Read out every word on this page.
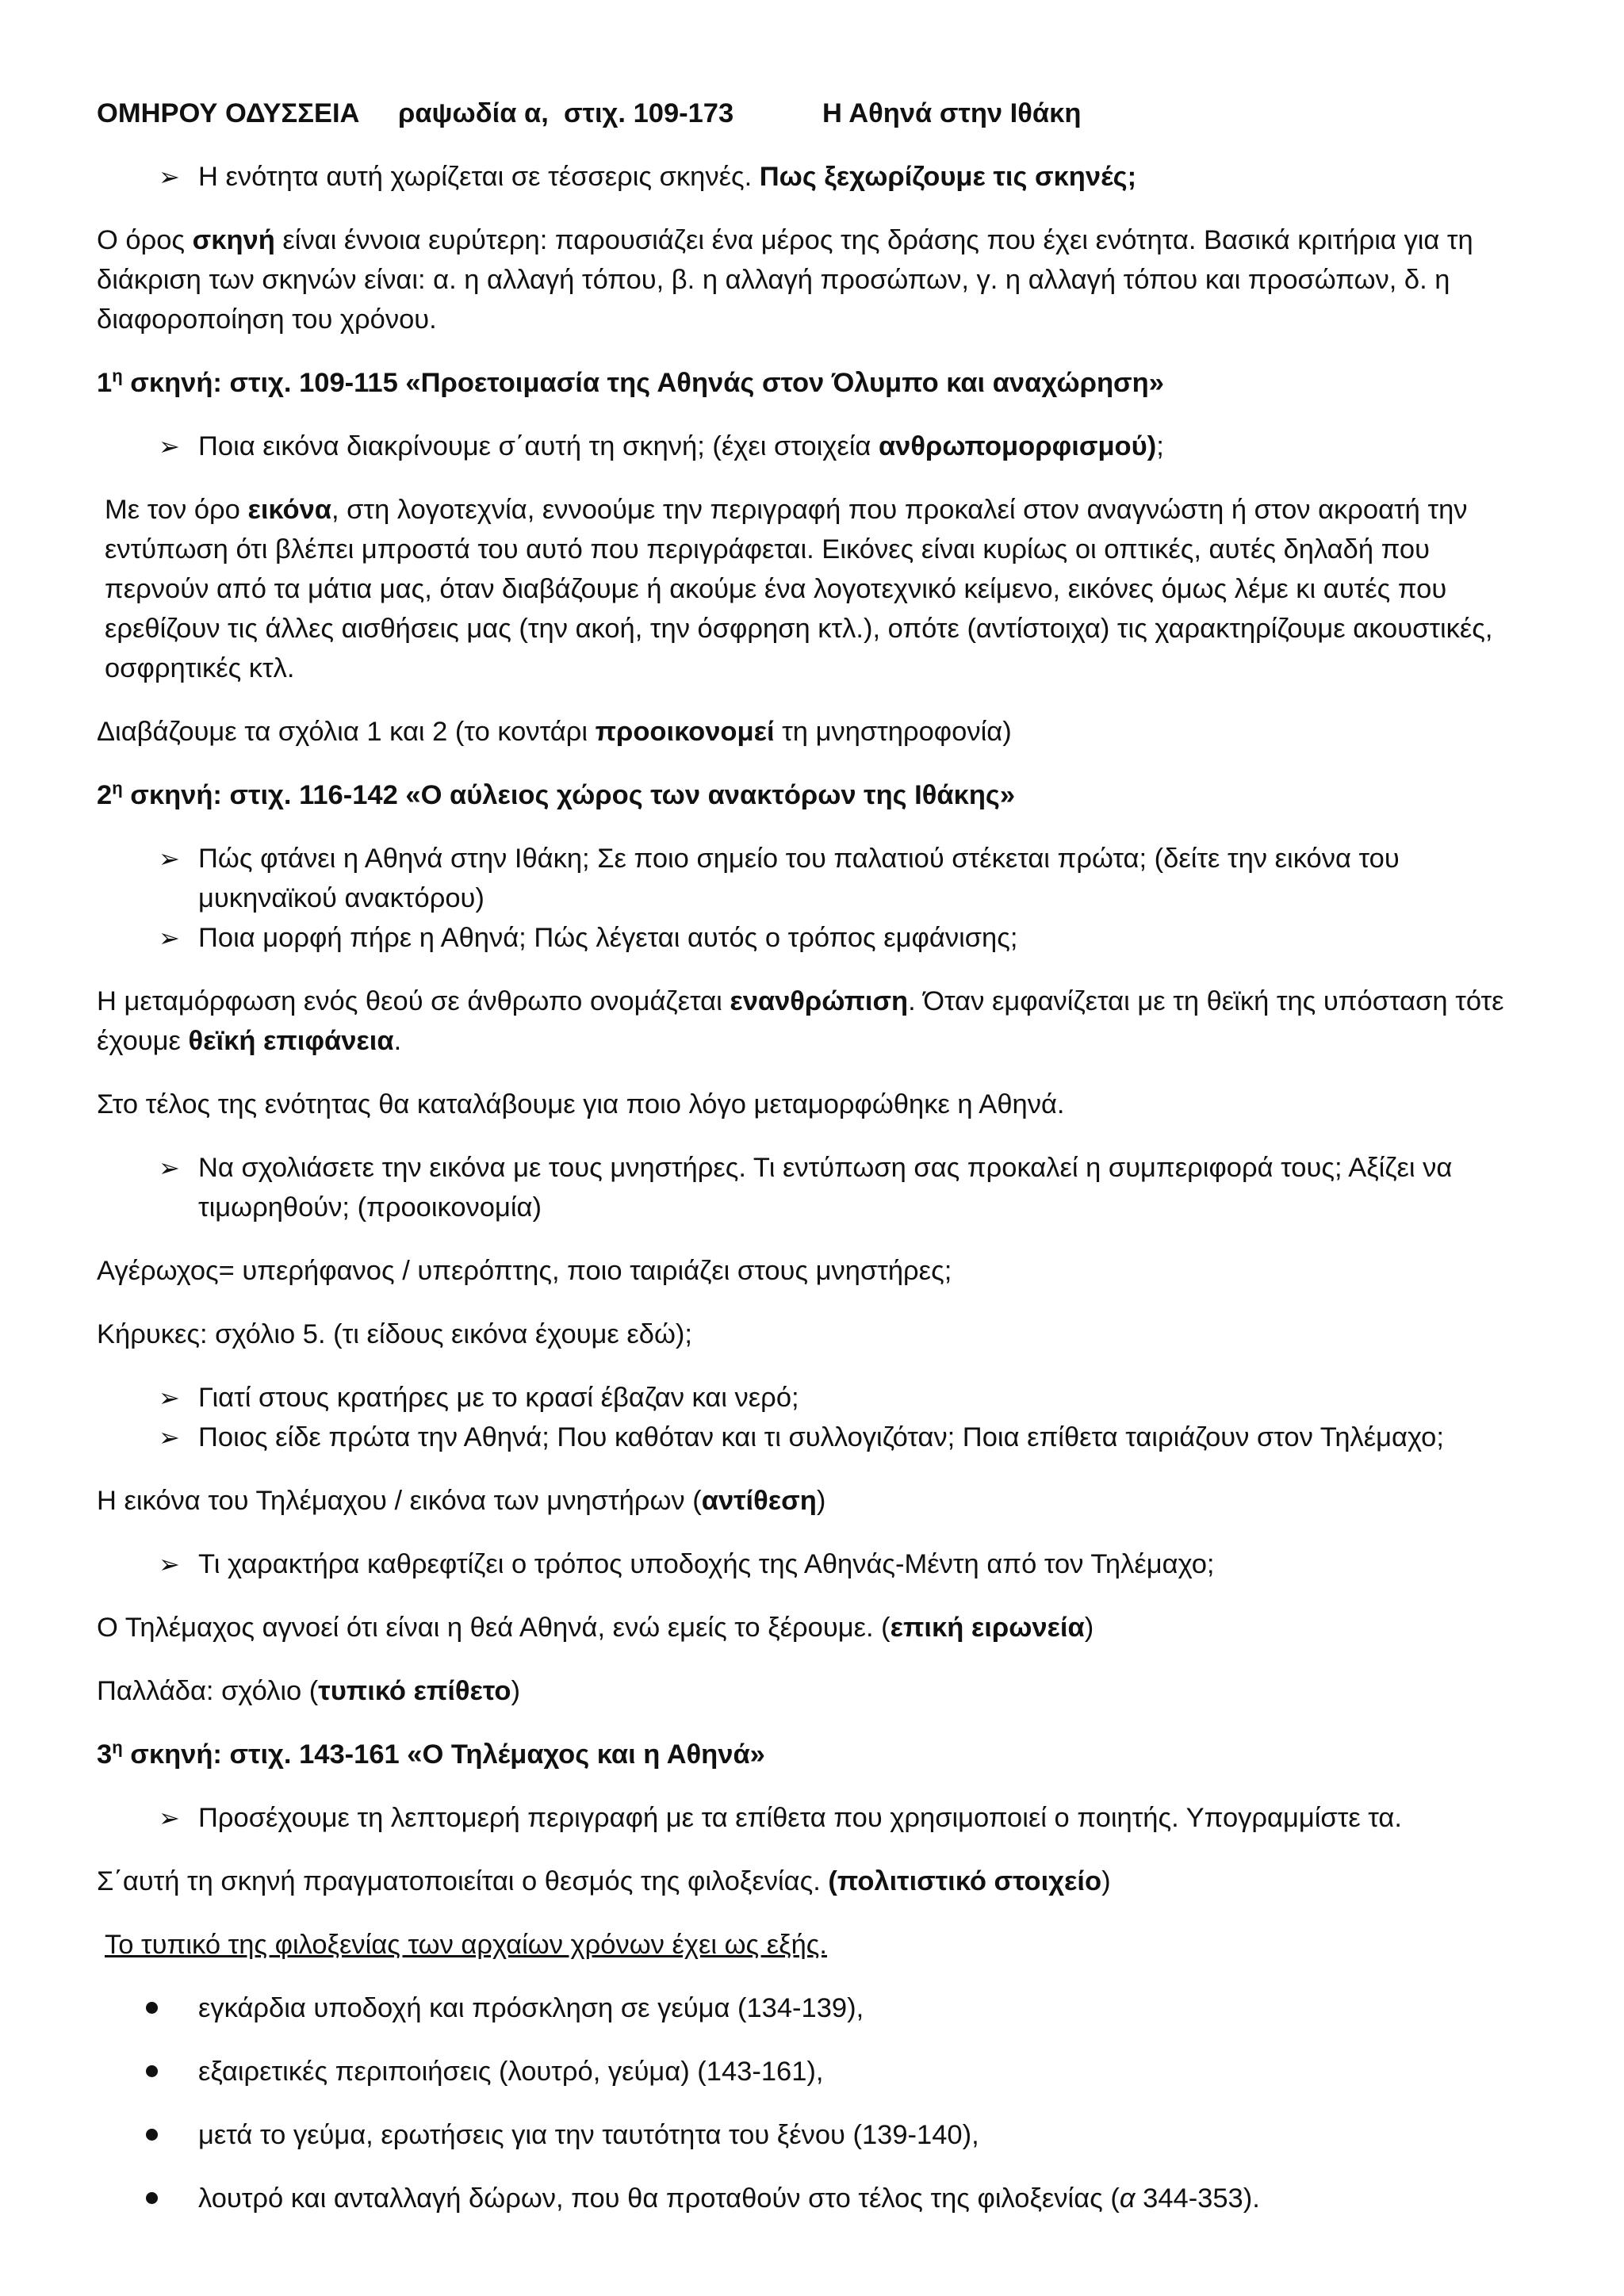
ΟΜΗΡΟΥ ΟΔΥΣΣΕΙΑ ραψωδία α,  στιχ. 109-173	Η Αθηνά στην Ιθάκη

➢ Η ενότητα αυτή χωρίζεται σε τέσσερις σκηνές. Πως ξεχωρίζουμε τις σκηνές;

Ο όρος σκηνή είναι έννοια ευρύτερη: παρουσιάζει ένα μέρος της δράσης που έχει ενότητα. Βασικά κριτήρια για τη διάκριση των σκηνών είναι: α. η αλλαγή τόπου, β. η αλλαγή προσώπων, γ. η αλλαγή τόπου και προσώπων, δ. η διαφοροποίηση του χρόνου.

$1^\eta$ σκηνή: στιχ. 109-115 «Προετοιμασία της Αθηνάς στον Όλυμπο και αναχώρηση»

➢ Ποια εικόνα διακρίνουμε σ΄αυτή τη σκηνή; (έχει στοιχεία ανθρωπομορφισμού);

Με τον όρο εικόνα, στη λογοτεχνία, εννοούμε την περιγραφή που προκαλεί στον αναγνώστη ή στον ακροατή την εντύπωση ότι βλέπει μπροστά του αυτό που περιγράφεται. Εικόνες είναι κυρίως οι οπτικές, αυτές δηλαδή που περνούν από τα μάτια μας, όταν διαβάζουμε ή ακούμε ένα λογοτεχνικό κείμενο, εικόνες όμως λέμε κι αυτές που ερεθίζουν τις άλλες αισθήσεις μας (την ακοή, την όσφρηση κτλ.), οπότε (αντίστοιχα) τις χαρακτηρίζουμε ακουστικές, οσφρητικές κτλ.

Διαβάζουμε τα σχόλια 1 και 2 (το κοντάρι προοικονομεί τη μνηστηροφονία)

$2^\eta$ σκηνή: στιχ. 116-142 «Ο αύλειος χώρος των ανακτόρων της Ιθάκης»

➢ Πώς φτάνει η Αθηνά στην Ιθάκη; Σε ποιο σημείο του παλατιού στέκεται πρώτα; (δείτε την εικόνα του μυκηναϊκού ανακτόρου)
➢ Ποια μορφή πήρε η Αθηνά; Πώς λέγεται αυτός ο τρόπος εμφάνισης;

Η μεταμόρφωση ενός θεού σε άνθρωπο ονομάζεται ενανθρώπιση. Όταν εμφανίζεται με τη θεϊκή της υπόσταση τότε έχουμε θεϊκή επιφάνεια.

Στο τέλος της ενότητας θα καταλάβουμε για ποιο λόγο μεταμορφώθηκε η Αθηνά.

➢ Να σχολιάσετε την εικόνα με τους μνηστήρες. Τι εντύπωση σας προκαλεί η συμπεριφορά τους; Αξίζει να τιμωρηθούν; (προοικονομία)

Αγέρωχος= υπερήφανος / υπερόπτης, ποιο ταιριάζει στους μνηστήρες;

Κήρυκες: σχόλιο 5. (τι είδους εικόνα έχουμε εδώ);

➢ Γιατί στους κρατήρες με το κρασί έβαζαν και νερό;
➢ Ποιος είδε πρώτα την Αθηνά; Που καθόταν και τι συλλογιζόταν; Ποια επίθετα ταιριάζουν στον Τηλέμαχο;

Η εικόνα του Τηλέμαχου / εικόνα των μνηστήρων (αντίθεση)

➢ Τι χαρακτήρα καθρεφτίζει ο τρόπος υποδοχής της Αθηνάς-Μέντη από τον Τηλέμαχο;

Ο Τηλέμαχος αγνοεί ότι είναι η θεά Αθηνά, ενώ εμείς το ξέρουμε. (επική ειρωνεία)

Παλλάδα: σχόλιο (τυπικό επίθετο)

$3^\eta$ σκηνή: στιχ. 143-161 «Ο Τηλέμαχος και η Αθηνά»

➢ Προσέχουμε τη λεπτομερή περιγραφή με τα επίθετα που χρησιμοποιεί ο ποιητής. Υπογραμμίστε τα.

Σ΄αυτή τη σκηνή πραγματοποιείται ο θεσμός της φιλοξενίας. (πολιτιστικό στοιχείο)

Το τυπικό της φιλοξενίας των αρχαίων χρόνων έχει ως εξής.

εγκάρδια υποδοχή και πρόσκληση σε γεύμα (134-139),
εξαιρετικές περιποιήσεις (λουτρό, γεύμα) (143-161),
μετά το γεύμα, ερωτήσεις για την ταυτότητα του ξένου (139-140),
λουτρό και ανταλλαγή δώρων, που θα προταθούν στο τέλος της φιλοξενίας (α 344-353).
